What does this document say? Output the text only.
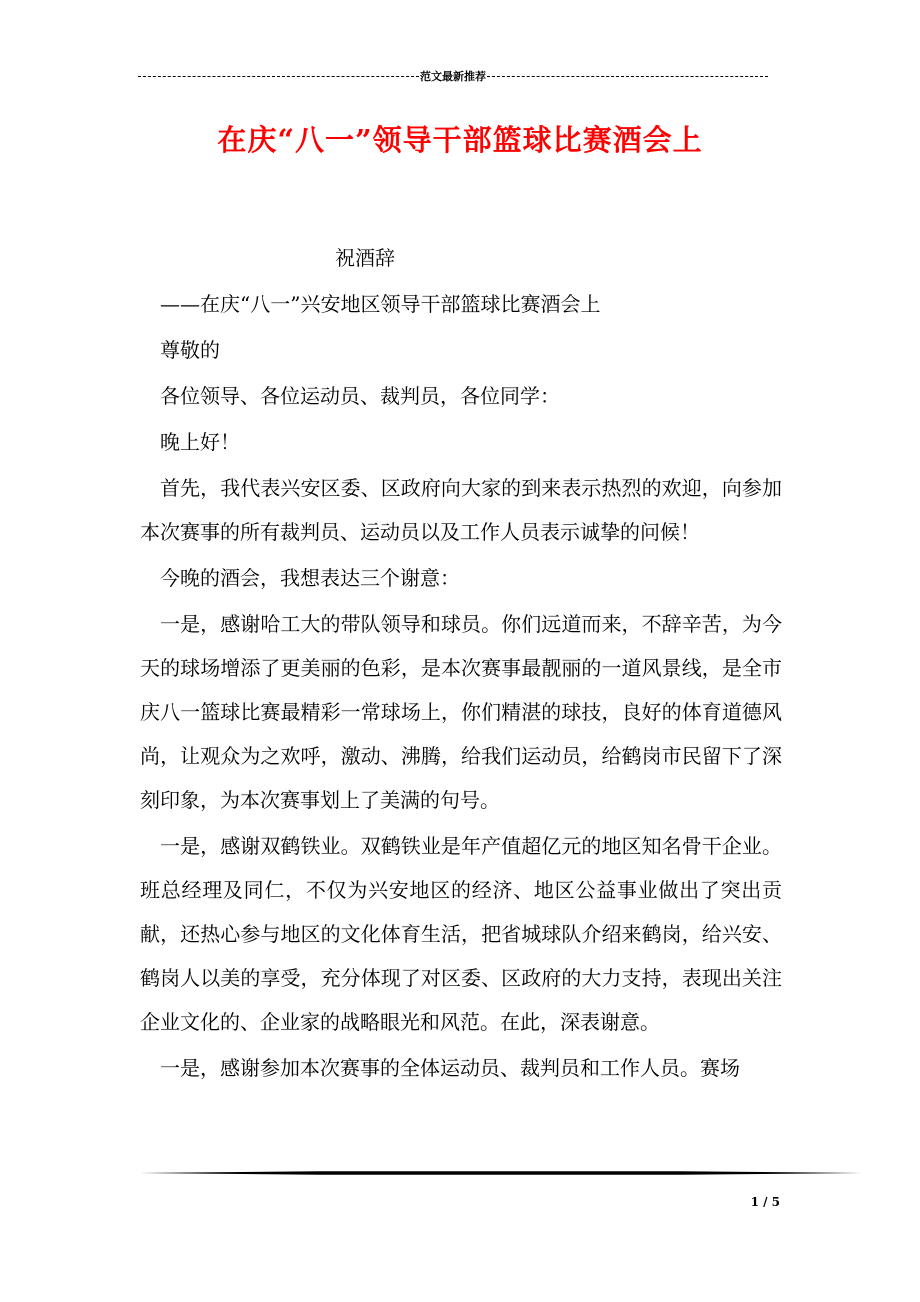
范文最新推荐
在庆“八一”领导干部篮球比赛酒会上

祝酒辞

——在庆“八一”兴安地区领导干部篮球比赛酒会上

尊敬的

各位领导、各位运动员、裁判员，各位同学：

晚上好！

首先，我代表兴安区委、区政府向大家的到来表示热烈的欢迎，向参加本次赛事的所有裁判员、运动员以及工作人员表示诚挚的问候！

今晚的酒会，我想表达三个谢意：

一是，感谢哈工大的带队领导和球员。你们远道而来，不辞辛苦，为今天的球场增添了更美丽的色彩，是本次赛事最靓丽的一道风景线，是全市庆八一篮球比赛最精彩一常球场上，你们精湛的球技，良好的体育道德风尚，让观众为之欢呼，激动、沸腾，给我们运动员，给鹤岗市民留下了深刻印象，为本次赛事划上了美满的句号。

一是，感谢双鹤铁业。双鹤铁业是年产值超亿元的地区知名骨干企业。班总经理及同仁，不仅为兴安地区的经济、地区公益事业做出了突出贡献，还热心参与地区的文化体育生活，把省城球队介绍来鹤岗，给兴安、鹤岗人以美的享受，充分体现了对区委、区政府的大力支持，表现出关注企业文化的、企业家的战略眼光和风范。在此，深表谢意。

一是，感谢参加本次赛事的全体运动员、裁判员和工作人员。赛场

1 / 5
